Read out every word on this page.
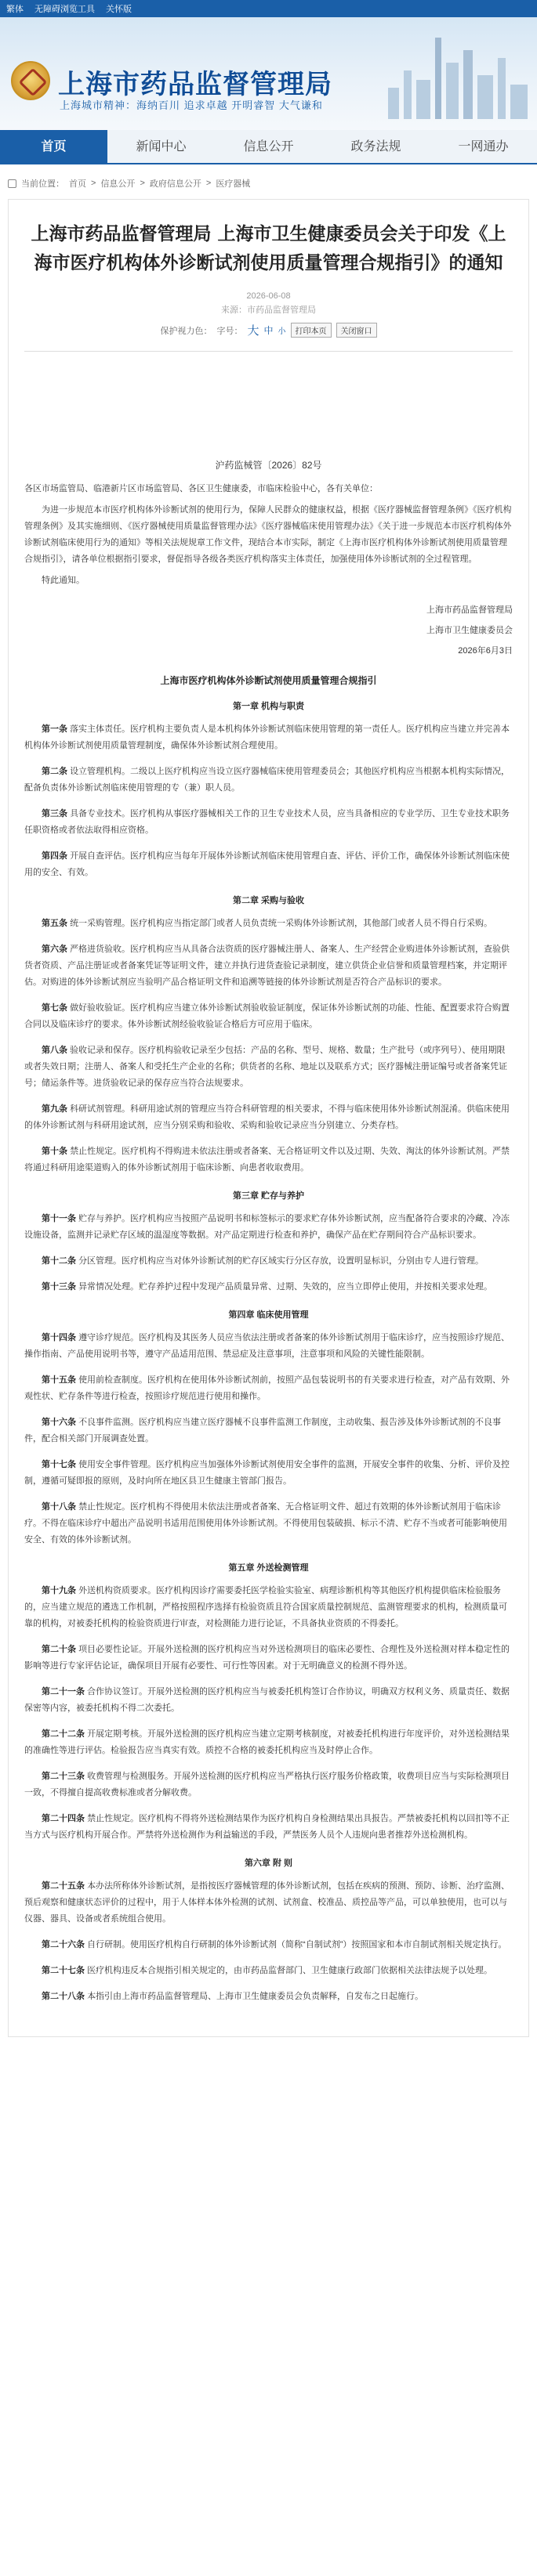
繁体 无障碍浏览工具 关怀版
上海市药品监督管理局
上海城市精神：海纳百川 追求卓越 开明睿智 大气谦和
首页	新闻中心	信息公开	政务法规	一网通办
当前位置： 首页 > 信息公开 > 政府信息公开 > 医疗器械
上海市药品监督管理局 上海市卫生健康委员会关于印发《上海市医疗机构体外诊断试剂使用质量管理合规指引》的通知
2026-06-08
来源：市药品监督管理局
保护视力色： 字号： 大 中 小	打印本页	关闭窗口
沪药监械管〔2026〕82号
各区市场监管局、临港新片区市场监管局、各区卫生健康委，市临床检验中心，各有关单位：
为进一步规范本市医疗机构体外诊断试剂的使用行为，保障人民群众的健康权益，根据《医疗器械监督管理条例》《医疗机构管理条例》及其实施细则、《医疗器械使用质量监督管理办法》《医疗器械临床使用管理办法》《关于进一步规范本市医疗机构体外诊断试剂临床使用行为的通知》等相关法规规章工作文件，现结合本市实际，制定《上海市医疗机构体外诊断试剂使用质量管理合规指引》，请各单位根据指引要求，督促指导各级各类医疗机构落实主体责任，加强使用体外诊断试剂的全过程管理。
特此通知。
上海市药品监督管理局
上海市卫生健康委员会
2026年6月3日
上海市医疗机构体外诊断试剂使用质量管理合规指引
第一章 机构与职责
第一条 落实主体责任。医疗机构主要负责人是本机构体外诊断试剂临床使用管理的第一责任人。医疗机构应当建立并完善本机构体外诊断试剂使用质量管理制度，确保体外诊断试剂合理使用。
第二条 设立管理机构。二级以上医疗机构应当设立医疗器械临床使用管理委员会；其他医疗机构应当根据本机构实际情况，配备负责体外诊断试剂临床使用管理的专（兼）职人员。
第三条 具备专业技术。医疗机构从事医疗器械相关工作的卫生专业技术人员，应当具备相应的专业学历、卫生专业技术职务任职资格或者依法取得相应资格。
第四条 开展自查评估。医疗机构应当每年开展体外诊断试剂临床使用管理自查、评估、评价工作，确保体外诊断试剂临床使用的安全、有效。
第二章 采购与验收
第五条 统一采购管理。医疗机构应当指定部门或者人员负责统一采购体外诊断试剂，其他部门或者人员不得自行采购。
第六条 严格进货验收。医疗机构应当从具备合法资质的医疗器械注册人、备案人、生产经营企业购进体外诊断试剂，查验供货者资质、产品注册证或者备案凭证等证明文件，建立并执行进货查验记录制度，建立供货企业信誉和质量管理档案，并定期评估。对购进的体外诊断试剂应当验明产品合格证明文件和追溯等链接的体外诊断试剂是否符合产品标识的要求。
第七条 做好验收验证。医疗机构应当建立体外诊断试剂验收验证制度，保证体外诊断试剂的功能、性能、配置要求符合购置合同以及临床诊疗的要求。体外诊断试剂经验收验证合格后方可应用于临床。
第八条 验收记录和保存。医疗机构验收记录至少包括：产品的名称、型号、规格、数量；生产批号（或序列号）、使用期限或者失效日期；注册人、备案人和受托生产企业的名称；供货者的名称、地址以及联系方式；医疗器械注册证编号或者备案凭证号；储运条件等。进货验收记录的保存应当符合法规要求。
第九条 科研试剂管理。科研用途试剂的管理应当符合科研管理的相关要求，不得与临床使用体外诊断试剂混淆。供临床使用的体外诊断试剂与科研用途试剂，应当分别采购和验收、采购和验收记录应当分别建立、分类存档。
第十条 禁止性规定。医疗机构不得购进未依法注册或者备案、无合格证明文件以及过期、失效、淘汰的体外诊断试剂。严禁将通过科研用途渠道购入的体外诊断试剂用于临床诊断、向患者收取费用。
第三章 贮存与养护
第十一条 贮存与养护。医疗机构应当按照产品说明书和标签标示的要求贮存体外诊断试剂，应当配备符合要求的冷藏、冷冻设施设备，监测并记录贮存区域的温湿度等数据。对产品定期进行检查和养护，确保产品在贮存期间符合产品标识要求。
第十二条 分区管理。医疗机构应当对体外诊断试剂的贮存区域实行分区存放，设置明显标识，分别由专人进行管理。
第十三条 异常情况处理。贮存养护过程中发现产品质量异常、过期、失效的，应当立即停止使用，并按相关要求处理。
第四章 临床使用管理
第十四条 遵守诊疗规范。医疗机构及其医务人员应当依法注册或者备案的体外诊断试剂用于临床诊疗，应当按照诊疗规范、操作指南、产品使用说明书等，遵守产品适用范围、禁忌症及注意事项，注意事项和风险的关键性能限制。
第十五条 使用前检查制度。医疗机构在使用体外诊断试剂前，按照产品包装说明书的有关要求进行检查，对产品有效期、外观性状、贮存条件等进行检查，按照诊疗规范进行使用和操作。
第十六条 不良事件监测。医疗机构应当建立医疗器械不良事件监测工作制度，主动收集、报告涉及体外诊断试剂的不良事件，配合相关部门开展调查处置。
第十七条 使用安全事件管理。医疗机构应当加强体外诊断试剂使用安全事件的监测，开展安全事件的收集、分析、评价及控制，遵循可疑即报的原则，及时向所在地区县卫生健康主管部门报告。
第十八条 禁止性规定。医疗机构不得使用未依法注册或者备案、无合格证明文件、超过有效期的体外诊断试剂用于临床诊疗。不得在临床诊疗中超出产品说明书适用范围使用体外诊断试剂。不得使用包装破损、标示不清、贮存不当或者可能影响使用安全、有效的体外诊断试剂。
第五章 外送检测管理
第十九条 外送机构资质要求。医疗机构因诊疗需要委托医学检验实验室、病理诊断机构等其他医疗机构提供临床检验服务的，应当建立规范的遴选工作机制，严格按照程序选择有检验资质且符合国家质量控制规范、监测管理要求的机构，检测质量可靠的机构，对被委托机构的检验资质进行审查，对检测能力进行论证，不具备执业资质的不得委托。
第二十条 项目必要性论证。开展外送检测的医疗机构应当对外送检测项目的临床必要性、合理性及外送检测对样本稳定性的影响等进行专家评估论证，确保项目开展有必要性、可行性等因素。对于无明确意义的检测不得外送。
第二十一条 合作协议签订。开展外送检测的医疗机构应当与被委托机构签订合作协议，明确双方权利义务、质量责任、数据保密等内容，被委托机构不得二次委托。
第二十二条 开展定期考核。开展外送检测的医疗机构应当建立定期考核制度，对被委托机构进行年度评价，对外送检测结果的准确性等进行评估。检验报告应当真实有效。质控不合格的被委托机构应当及时停止合作。
第二十三条 收费管理与检测服务。开展外送检测的医疗机构应当严格执行医疗服务价格政策，收费项目应当与实际检测项目一致，不得擅自提高收费标准或者分解收费。
第二十四条 禁止性规定。医疗机构不得将外送检测结果作为医疗机构自身检测结果出具报告。严禁被委托机构以回扣等不正当方式与医疗机构开展合作。严禁将外送检测作为利益输送的手段，严禁医务人员个人违规向患者推荐外送检测机构。
第六章 附 则
第二十五条 本办法所称体外诊断试剂，是指按医疗器械管理的体外诊断试剂，包括在疾病的预测、预防、诊断、治疗监测、预后观察和健康状态评价的过程中，用于人体样本体外检测的试剂、试剂盒、校准品、质控品等产品，可以单独使用，也可以与仪器、器具、设备或者系统组合使用。
第二十六条 自行研制。使用医疗机构自行研制的体外诊断试剂（简称“自制试剂”）按照国家和本市自制试剂相关规定执行。
第二十七条 医疗机构违反本合规指引相关规定的，由市药品监督部门、卫生健康行政部门依据相关法律法规予以处理。
第二十八条 本指引由上海市药品监督管理局、上海市卫生健康委员会负责解释，自发布之日起施行。
